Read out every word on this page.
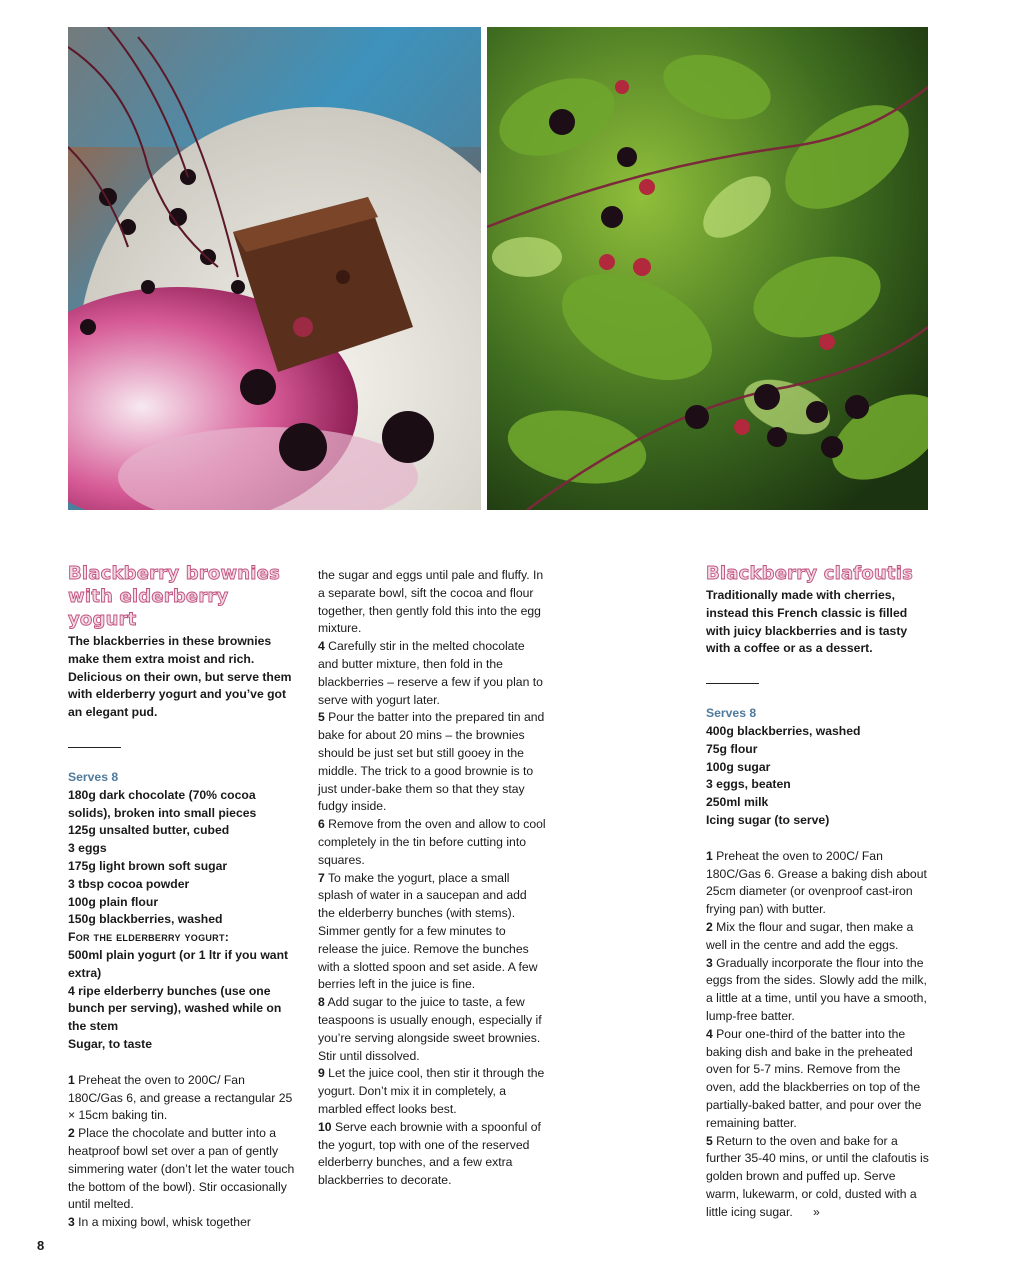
Blackberry brownies with elderberry yogurt

The blackberries in these brownies make them extra moist and rich. Delicious on their own, but serve them with elderberry yogurt and you’ve got an elegant pud.

Serves 8

180g dark chocolate (70% cocoa solids), broken into small pieces
125g unsalted butter, cubed
3 eggs
175g light brown soft sugar
3 tbsp cocoa powder
100g plain flour
150g blackberries, washed
For the elderberry yogurt:
500ml plain yogurt (or 1 ltr if you want extra)
4 ripe elderberry bunches (use one bunch per serving), washed while on the stem
Sugar, to taste

1 Preheat the oven to 200C/ Fan 180C/Gas 6, and grease a rectangular 25 × 15cm baking tin.

2 Place the chocolate and butter into a heatproof bowl set over a pan of gently simmering water (don’t let the water touch the bottom of the bowl). Stir occasionally until melted.

3 In a mixing bowl, whisk together

the sugar and eggs until pale and fluffy. In a separate bowl, sift the cocoa and flour together, then gently fold this into the egg mixture.

4 Carefully stir in the melted chocolate and butter mixture, then fold in the blackberries – reserve a few if you plan to serve with yogurt later.

5 Pour the batter into the prepared tin and bake for about 20 mins – the brownies should be just set but still gooey in the middle. The trick to a good brownie is to just under-bake them so that they stay fudgy inside.

6 Remove from the oven and allow to cool completely in the tin before cutting into squares.

7 To make the yogurt, place a small splash of water in a saucepan and add the elderberry bunches (with stems). Simmer gently for a few minutes to release the juice. Remove the bunches with a slotted spoon and set aside. A few berries left in the juice is fine.

8 Add sugar to the juice to taste, a few teaspoons is usually enough, especially if you’re serving alongside sweet brownies. Stir until dissolved.

9 Let the juice cool, then stir it through the yogurt. Don’t mix it in completely, a marbled effect looks best.

10 Serve each brownie with a spoonful of the yogurt, top with one of the reserved elderberry bunches, and a few extra blackberries to decorate.

Blackberry clafoutis

Traditionally made with cherries, instead this French classic is filled with juicy blackberries and is tasty with a coffee or as a dessert.

Serves 8

400g blackberries, washed
75g flour
100g sugar
3 eggs, beaten
250ml milk
Icing sugar (to serve)

1 Preheat the oven to 200C/ Fan 180C/Gas 6. Grease a baking dish about 25cm diameter (or ovenproof cast-iron frying pan) with butter.

2 Mix the flour and sugar, then make a well in the centre and add the eggs.

3 Gradually incorporate the flour into the eggs from the sides. Slowly add the milk, a little at a time, until you have a smooth, lump-free batter.

4 Pour one-third of the batter into the baking dish and bake in the preheated oven for 5-7 mins. Remove from the oven, add the blackberries on top of the partially-baked batter, and pour over the remaining batter.

5 Return to the oven and bake for a further 35-40 mins, or until the clafoutis is golden brown and puffed up. Serve warm, lukewarm, or cold, dusted with a little icing sugar. »

8
